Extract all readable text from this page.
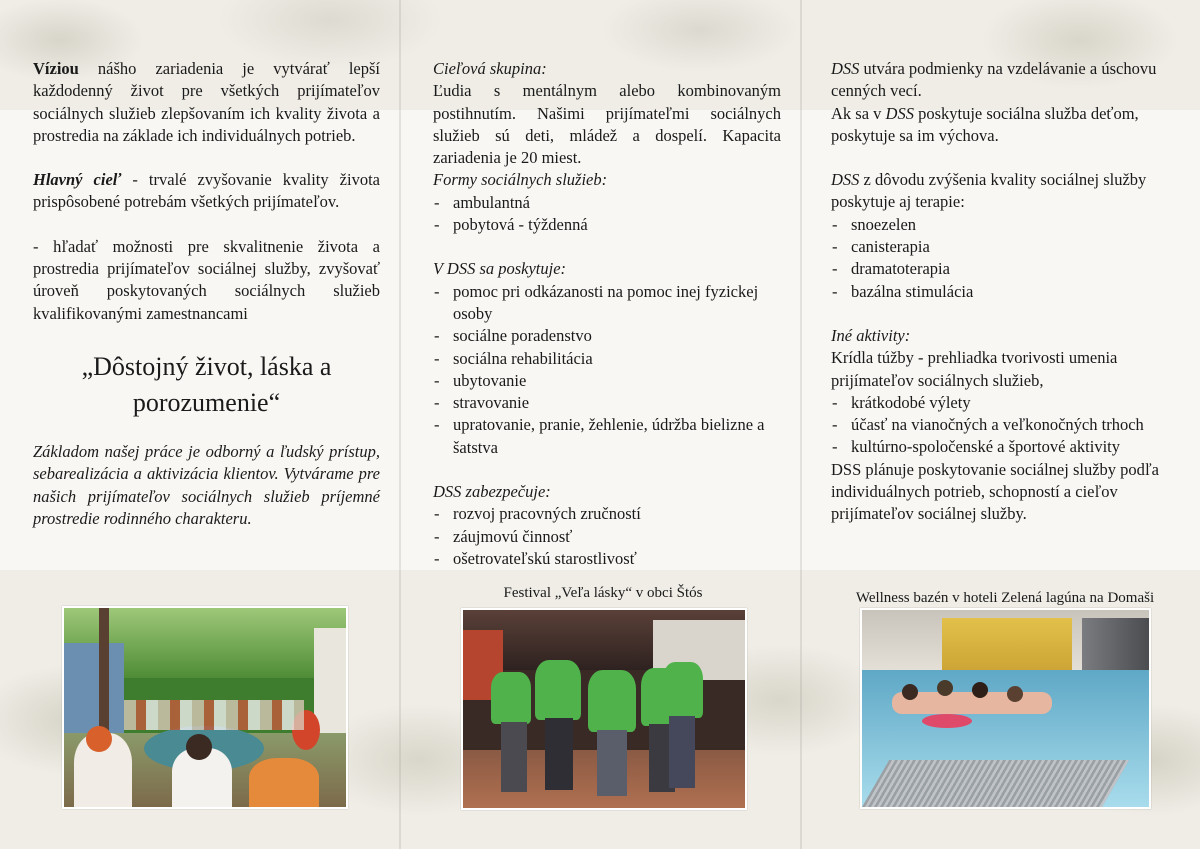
Víziou nášho zariadenia je vytvárať lepší každodenný život pre všetkých prijímateľov sociálnych služieb zlepšovaním ich kvality života a prostredia na základe ich individuálnych potrieb.

Hlavný cieľ - trvalé zvyšovanie kvality života prispôsobené potrebám všetkých prijímateľov.

- hľadať možnosti pre skvalitnenie života a prostredia prijímateľov sociálnej služby, zvyšovať úroveň poskytovaných sociálnych služieb kvalifikovanými zamestnancami

„Dôstojný život, láska a porozumenie“

Základom našej práce je odborný a ľudský prístup, sebarealizácia a aktivizácia klientov. Vytvárame pre našich prijímateľov sociálnych služieb príjemné prostredie rodinného charakteru.

Cieľová skupina:

Ľudia s mentálnym alebo kombinovaným postihnutím. Našimi prijímateľmi sociálnych služieb sú deti, mládež a dospelí. Kapacita zariadenia je 20 miest.

Formy sociálnych služieb:

- ambulantná
- pobytová - týždenná

V DSS sa poskytuje:

- pomoc pri odkázanosti na pomoc inej fyzickej osoby
- sociálne poradenstvo
- sociálna rehabilitácia
- ubytovanie
- stravovanie
- upratovanie, pranie, žehlenie, údržba bielizne a šatstva

DSS zabezpečuje:

- rozvoj pracovných zručností
- záujmovú činnosť
- ošetrovateľskú starostlivosť

DSS utvára podmienky na vzdelávanie a úschovu cenných vecí.

Ak sa v DSS poskytuje sociálna služba deťom, poskytuje sa im výchova.

DSS z dôvodu zvýšenia kvality sociálnej služby poskytuje aj terapie:

- snoezelen
- canisterapia
- dramatoterapia
- bazálna stimulácia

Iné aktivity:

Krídla túžby - prehliadka tvorivosti umenia prijímateľov sociálnych služieb,

- krátkodobé výlety
- účasť na vianočných a veľkonočných trhoch
- kultúrno-spoločenské a športové aktivity

DSS plánuje poskytovanie sociálnej služby podľa individuálnych potrieb, schopností a cieľov prijímateľov sociálnej služby.

Festival „Veľa lásky“ v obci Štós	Wellness bazén v hoteli Zelená lagúna na Domaši
